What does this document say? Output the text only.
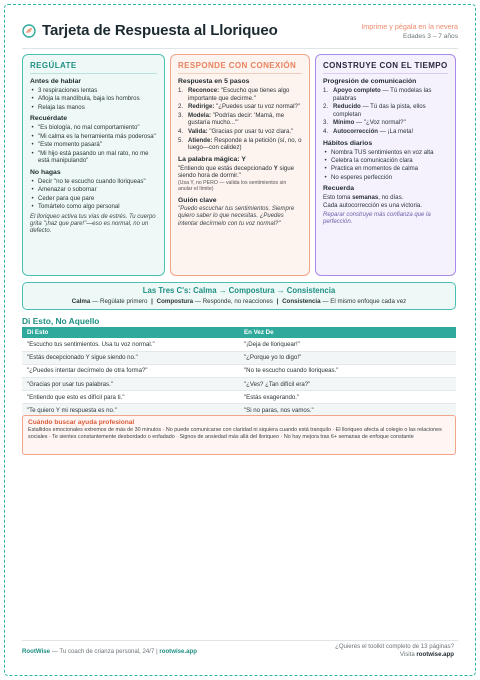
Tarjeta de Respuesta al Lloriqueo	Imprime y pégala en la nevera
Edades 3 – 7 años
REGÚLATE
Antes de hablar
• 3 respiraciones lentas
• Afloja la mandíbula, baja los hombros
• Relaja las manos
Recuérdate
• "Es biología, no mal comportamiento"
• "Mi calma es la herramienta más poderosa"
• "Este momento pasará"
• "Mi hijo está pasando un mal rato, no me está manipulando"
No hagas
• Decir "no te escucho cuando lloriqueas"
• Amenazar o sobornar
• Ceder para que pare
• Tomártelo como algo personal

El lloriqueo activa tus vías de estrés. Tu cuerpo grita "¡haz que pare!"—eso es normal, no un defecto.

RESPONDE CON CONEXIÓN
Respuesta en 5 pasos
1. Reconoce: "Escucho que tienes algo importante que decirme."
2. Redirige: "¿Puedes usar tu voz normal?"
3. Modela: "Podrías decir: 'Mamá, me gustaría mucho...'"
4. Valida: "Gracias por usar tu voz clara."
5. Atiende: Responde a la petición (sí, no, o luego—con calidez)
La palabra mágica: Y

"Entiendo que estás decepcionado Y sigue siendo hora de dormir."

(Usa Y, no PERO — valida los sentimientos sin anular el límite)

Guión clave

"Puedo escuchar tus sentimientos. Siempre quiero saber lo que necesitas. ¿Puedes intentar decírmelo con tu voz normal?"

CONSTRUYE CON EL TIEMPO
Progresión de comunicación
1. Apoyo completo — Tú modelas las palabras
2. Reducido — Tú das la pista, ellos completan
3. Mínimo — "¿Voz normal?"
4. Autocorrección — ¡La meta!
Hábitos diarios
• Nombra TUS sentimientos en voz alta
• Celebra la comunicación clara
• Practica en momentos de calma
• No esperes perfección
Recuerda

Esto toma semanas, no días.

Cada autocorrección es una victoria.

Reparar construye más confianza que la perfección.

Las Tres C's: Calma → Compostura → Consistencia
Calma — Regúlate primero | Compostura — Responde, no reacciones | Consistencia — El mismo enfoque cada vez
Di Esto, No Aquello
Di Esto	En Vez De
"Escucho tus sentimientos. Usa tu voz normal."	"¡Deja de lloriquear!"
"Estás decepcionado Y sigue siendo no."	"¿Porque yo lo digo!"
"¿Puedes intentar decírmelo de otra forma?"	"No te escucho cuando lloriqueas."
"Gracias por usar tus palabras."	"¿Ves? ¿Tan difícil era?"
"Entiendo que esto es difícil para ti."	"Estás exagerando."
"Te quiero Y mi respuesta es no."	"Si no paras, nos vamos."
Cuándo buscar ayuda profesional
Estallidos emocionales extremos de más de 30 minutos · No puede comunicarse con claridad ni siquiera cuando está tranquilo · El lloriqueo afecta al colegio o las relaciones sociales · Te sientes constantemente desbordado o enfadado · Signos de ansiedad más allá del lloriqueo · No hay mejora tras 6+ semanas de enfoque constante
RootWise — Tu coach de crianza personal, 24/7 | rootwise.app
¿Quieres el toolkit completo de 13 páginas?
Visita rootwise.app
